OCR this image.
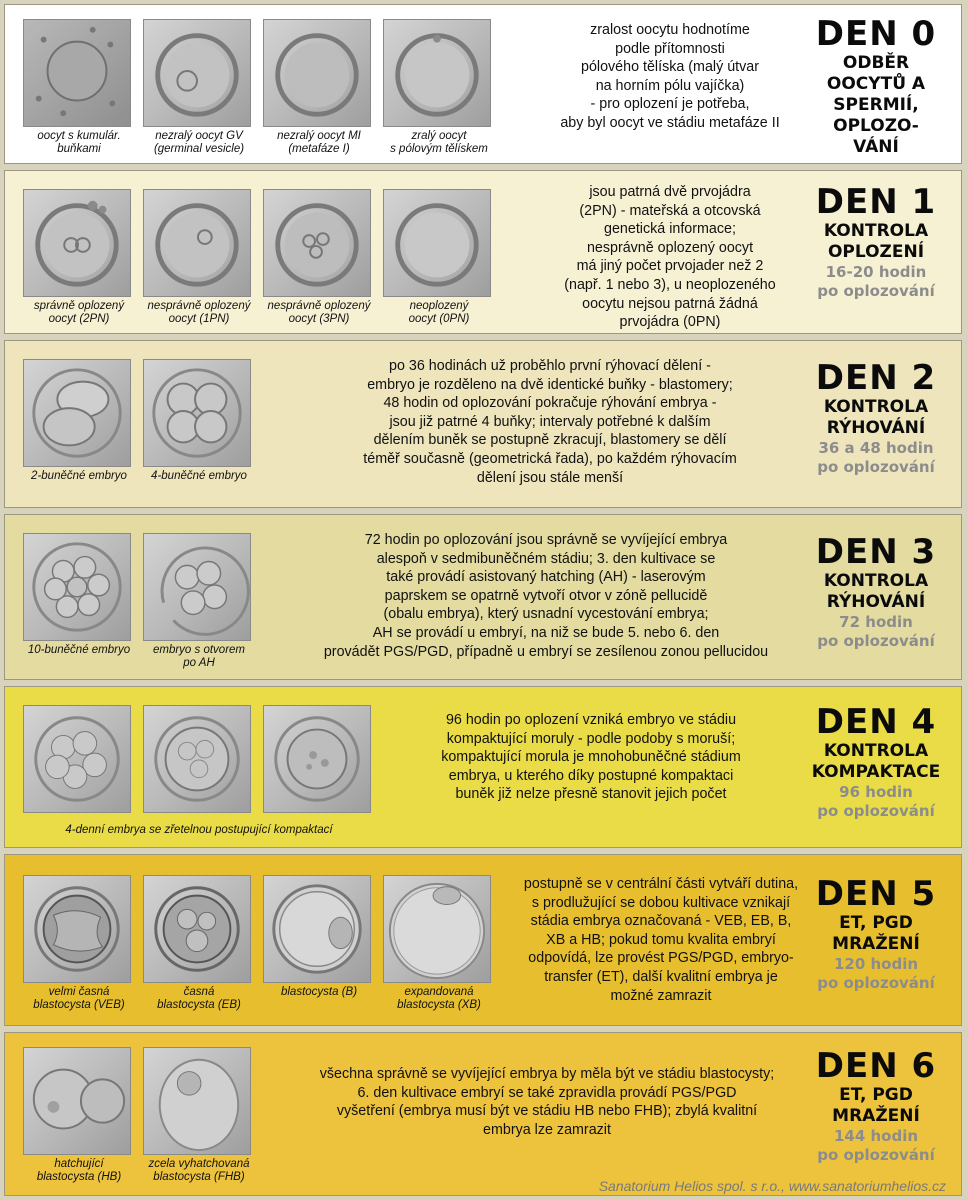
oocyt s kumulár.
buňkami
nezralý oocyt GV
(germinal vesicle)
nezralý oocyt MI
(metafáze I)
zralý oocyt
s pólovým tělískem
zralost oocytu hodnotíme
podle přítomnosti
pólového tělíska (malý útvar
na horním pólu vajíčka)
- pro oplození je potřeba,
aby byl oocyt ve stádiu metafáze II
DEN 0
ODBĚR
OOCYTŮ A
SPERMIÍ,
OPLOZO-
VÁNÍ
správně oplozený
oocyt (2PN)
nesprávně oplozený
oocyt (1PN)
nesprávně oplozený
oocyt (3PN)
neoplozený
oocyt (0PN)
jsou patrná dvě prvojádra
(2PN) - mateřská a otcovská
genetická informace;
nesprávně oplozený oocyt
má jiný počet prvojader než 2
(např. 1 nebo 3), u neoplozeného
oocytu nejsou patrná žádná
prvojádra (0PN)
DEN 1
KONTROLA
OPLOZENÍ
16-20 hodin
po oplozování
2-buněčné embryo	4-buněčné embryo
po 36 hodinách už proběhlo první rýhovací dělení -
embryo je rozděleno na dvě identické buňky - blastomery;
48 hodin od oplozování pokračuje rýhování embrya -
jsou již patrné 4 buňky; intervaly potřebné k dalším
dělením buněk se postupně zkracují, blastomery se dělí
téměř současně (geometrická řada), po každém rýhovacím
dělení jsou stále menší
DEN 2
KONTROLA
RÝHOVÁNÍ
36 a 48 hodin
po oplozování
10-buněčné embryo	embryo s otvorem
po AH
72 hodin po oplozování jsou správně se vyvíjející embrya
alespoň v sedmibuněčném stádiu; 3. den kultivace se
také provádí asistovaný hatching (AH) - laserovým
paprskem se opatrně vytvoří otvor v zóně pellucidě
(obalu embrya), který usnadní vycestování embrya;
AH se provádí u embryí, na niž se bude 5. nebo 6. den
provádět PGS/PGD, případně u embryí se zesílenou zonou pellucidou
DEN 3
KONTROLA
RÝHOVÁNÍ
72 hodin
po oplozování
4-denní embrya se zřetelnou postupující kompaktací
96 hodin po oplození vzniká embryo ve stádiu
kompaktující moruly - podle podoby s moruší;
kompaktující morula je mnohobuněčné stádium
embrya, u kterého díky postupné kompaktaci
buněk již nelze přesně stanovit jejich počet
DEN 4
KONTROLA
KOMPAKTACE
96 hodin
po oplozování
velmi časná
blastocysta (VEB)
časná
blastocysta (EB)
blastocysta (B)	expandovaná
blastocysta (XB)
postupně se v centrální části vytváří dutina,
s prodlužující se dobou kultivace vznikají
stádia embrya označovaná - VEB, EB, B,
XB a HB; pokud tomu kvalita embryí
odpovídá, lze provést PGS/PGD, embryo-
transfer (ET), další kvalitní embrya je
možné zamrazit
DEN 5
ET, PGD
MRAŽENÍ
120 hodin
po oplozování
hatchující
blastocysta (HB)
zcela vyhatchovaná
blastocysta (FHB)
všechna správně se vyvíjející embrya by měla být ve stádiu blastocysty;
6. den kultivace embryí se také zpravidla provádí PGS/PGD
vyšetření (embrya musí být ve stádiu HB nebo FHB); zbylá kvalitní
embrya lze zamrazit
DEN 6
ET, PGD
MRAŽENÍ
144 hodin
po oplozování
Sanatorium Helios spol. s r.o., www.sanatoriumhelios.cz
